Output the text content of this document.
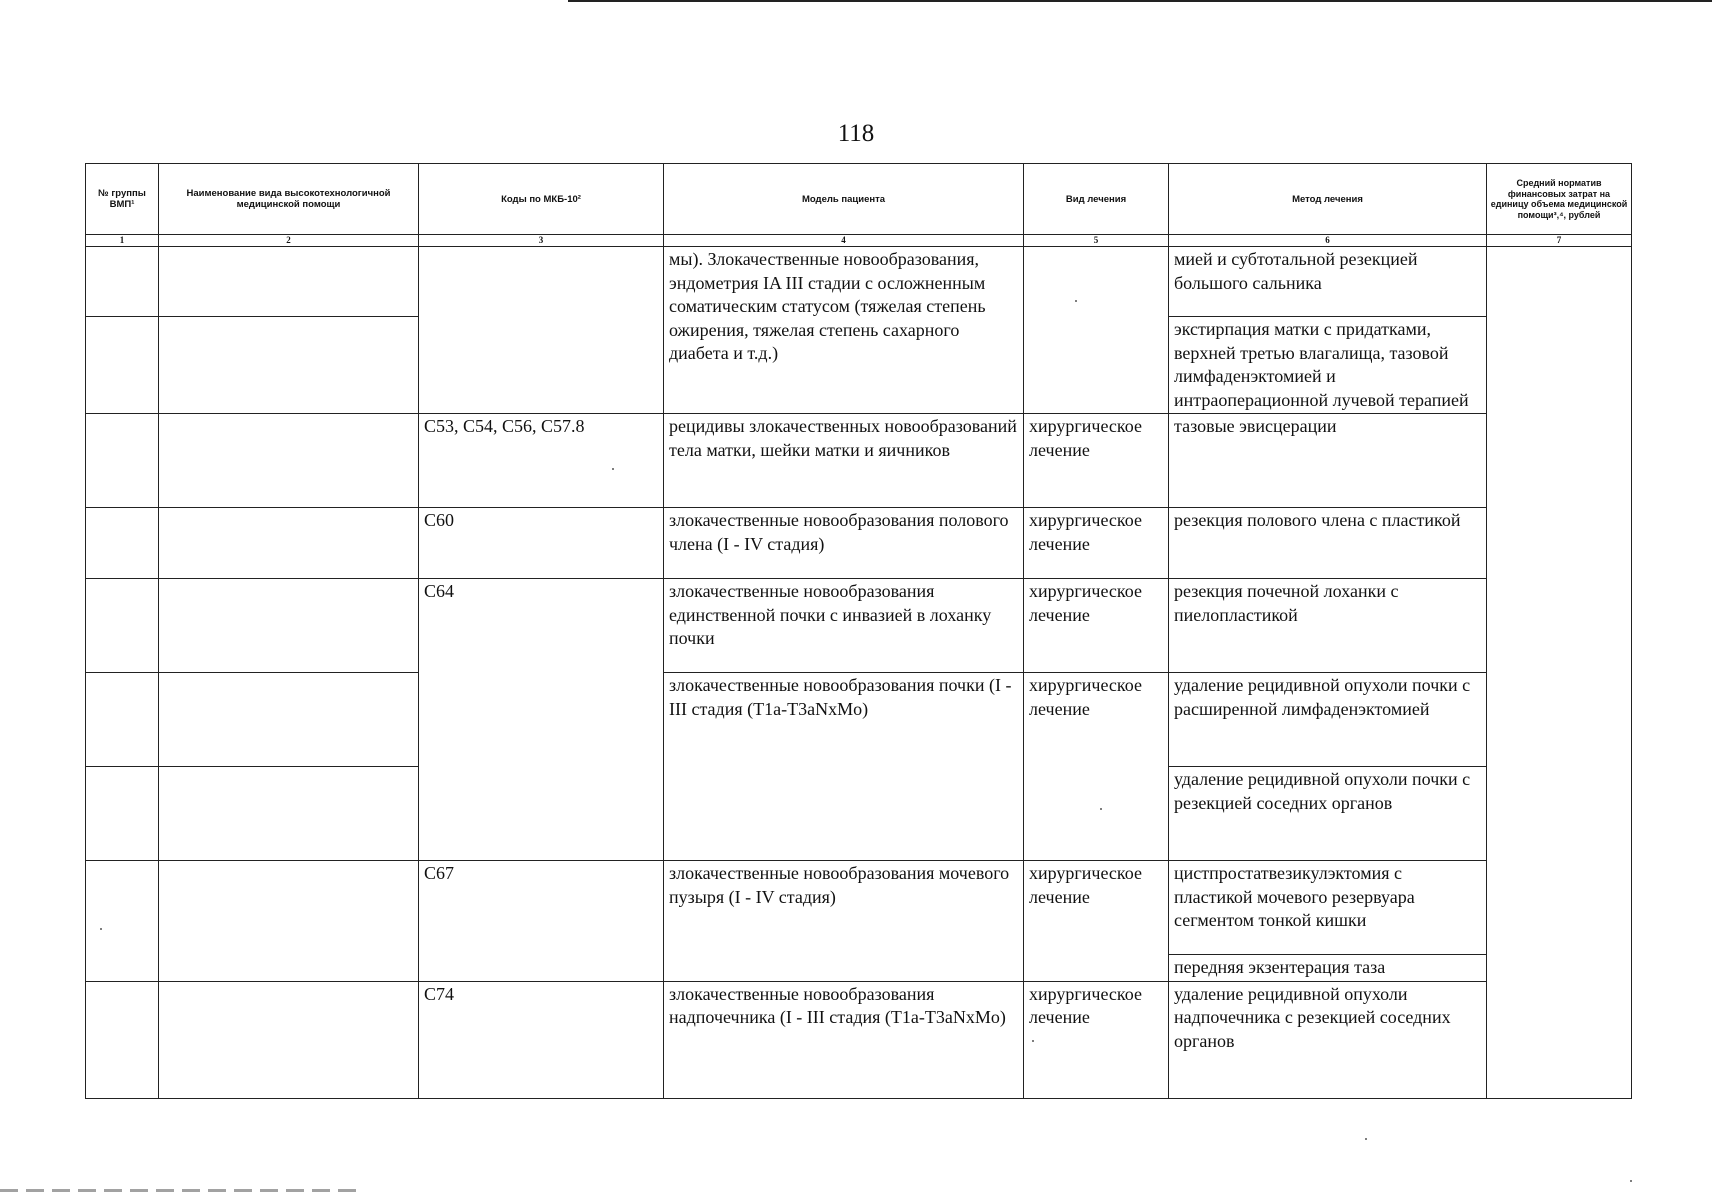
118
№ группы ВМП¹	Наименование вида высокотехнологичной медицинской помощи	Коды по МКБ-10²	Модель пациента	Вид лечения	Метод лечения	Средний норматив финансовых затрат на единицу объема медицинской помощи³,⁴, рублей
1	2	3	4	5	6	7
			мы). Злокачественные новообразования, эндометрия IA III стадии с осложненным соматическим статусом (тяжелая степень ожирения, тяжелая степень сахарного диабета и т.д.)		мией и субтотальной резекцией большого сальника	
					экстирпация матки с придатками, верхней третью влагалища, тазовой лимфаденэктомией и интраоперационной лучевой терапией	
		C53, C54, C56, C57.8	рецидивы злокачественных новообразований тела матки, шейки матки и яичников	хирургическое лечение	тазовые эвисцерации	
		C60	злокачественные новообразования полового члена (I - IV стадия)	хирургическое лечение	резекция полового члена с пластикой	
		C64	злокачественные новообразования единственной почки с инвазией в лоханку почки	хирургическое лечение	резекция почечной лоханки с пиелопластикой	
			злокачественные новообразования почки (I - III стадия (T1a-T3aNxMo)	хирургическое лечение	удаление рецидивной опухоли почки с расширенной лимфаденэктомией	
					удаление рецидивной опухоли почки с резекцией соседних органов	
		C67	злокачественные новообразования мочевого пузыря (I - IV стадия)	хирургическое лечение	цистпростатвезикулэктомия с пластикой мочевого резервуара сегментом тонкой кишки	
					передняя экзентерация таза	
		C74	злокачественные новообразования надпочечника (I - III стадия (T1a-T3aNxMo)	хирургическое лечение	удаление рецидивной опухоли надпочечника с резекцией соседних органов	
